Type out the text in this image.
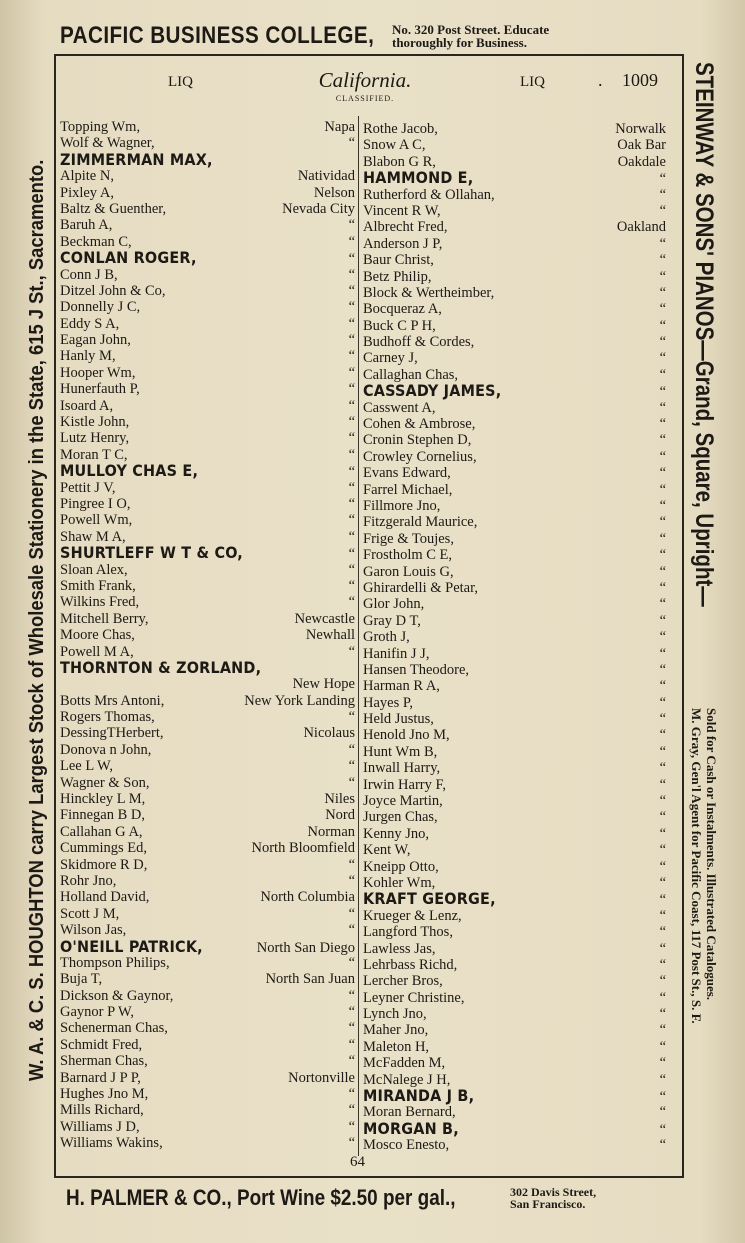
PACIFIC BUSINESS COLLEGE, No. 320 Post Street. Educate
thoroughly for Business.
W. A. & C. S. HOUGHTON carry Largest Stock of Wholesale Stationery in the State, 615 J St., Sacramento.	STEINWAY & SONS' PIANOS—Grand, Square, Upright—
Sold for Cash or Instalments. Illustrated Catalogues.
M. Gray, Gen'l Agent for Pacific Coast, 117 Post St., S. F.
LIQ	California.
CLASSIFIED.
LIQ	. 1009
Topping Wm,	Napa
Wolf & Wagner,	“
ZIMMERMAN MAX,
Alpite N,	Natividad
Pixley A,	Nelson
Baltz & Guenther,	Nevada City
Baruh A,	“
Beckman C,	“
CONLAN ROGER,	“
Conn J B,	“
Ditzel John & Co,	“
Donnelly J C,	“
Eddy S A,	“
Eagan John,	“
Hanly M,	“
Hooper Wm,	“
Hunerfauth P,	“
Isoard A,	“
Kistle John,	“
Lutz Henry,	“
Moran T C,	“
MULLOY CHAS E,	“
Pettit J V,	“
Pingree I O,	“
Powell Wm,	“
Shaw M A,	“
SHURTLEFF W T & CO,	“
Sloan Alex,	“
Smith Frank,	“
Wilkins Fred,	“
Mitchell Berry,	Newcastle
Moore Chas,	Newhall
Powell M A,	“
THORNTON & ZORLAND,
New Hope
Botts Mrs Antoni,	New York Landing
Rogers Thomas,	“
DessingTHerbert,	Nicolaus
Donova n John,	“
Lee L W,	“
Wagner & Son,	“
Hinckley L M,	Niles
Finnegan B D,	Nord
Callahan G A,	Norman
Cummings Ed,	North Bloomfield
Skidmore R D,	“
Rohr Jno,	“
Holland David,	North Columbia
Scott J M,	“
Wilson Jas,	“
O'NEILL PATRICK,	North San Diego
Thompson Philips,	“
Buja T,	North San Juan
Dickson & Gaynor,	“
Gaynor P W,	“
Schenerman Chas,	“
Schmidt Fred,	“
Sherman Chas,	“
Barnard J P P,	Nortonville
Hughes Jno M,	“
Mills Richard,	“
Williams J D,	“
Williams Wakins,	“
Rothe Jacob,	Norwalk
Snow A C,	Oak Bar
Blabon G R,	Oakdale
HAMMOND E,	“
Rutherford & Ollahan,	“
Vincent R W,	“
Albrecht Fred,	Oakland
Anderson J P,	“
Baur Christ,	“
Betz Philip,	“
Block & Wertheimber,	“
Bocqueraz A,	“
Buck C P H,	“
Budhoff & Cordes,	“
Carney J,	“
Callaghan Chas,	“
CASSADY JAMES,	“
Casswent A,	“
Cohen & Ambrose,	“
Cronin Stephen D,	“
Crowley Cornelius,	“
Evans Edward,	“
Farrel Michael,	“
Fillmore Jno,	“
Fitzgerald Maurice,	“
Frige & Toujes,	“
Frostholm C E,	“
Garon Louis G,	“
Ghirardelli & Petar,	“
Glor John,	“
Gray D T,	“
Groth J,	“
Hanifin J J,	“
Hansen Theodore,	“
Harman R A,	“
Hayes P,	“
Held Justus,	“
Henold Jno M,	“
Hunt Wm B,	“
Inwall Harry,	“
Irwin Harry F,	“
Joyce Martin,	“
Jurgen Chas,	“
Kenny Jno,	“
Kent W,	“
Kneipp Otto,	“
Kohler Wm,	“
KRAFT GEORGE,	“
Krueger & Lenz,	“
Langford Thos,	“
Lawless Jas,	“
Lehrbass Richd,	“
Lercher Bros,	“
Leyner Christine,	“
Lynch Jno,	“
Maher Jno,	“
Maleton H,	“
McFadden M,	“
McNalege J H,	“
MIRANDA J B,	“
Moran Bernard,	“
MORGAN B,	“
Mosco Enesto,	“
64
H. PALMER & CO., Port Wine $2.50 per gal.,	302 Davis Street,
San Francisco.
